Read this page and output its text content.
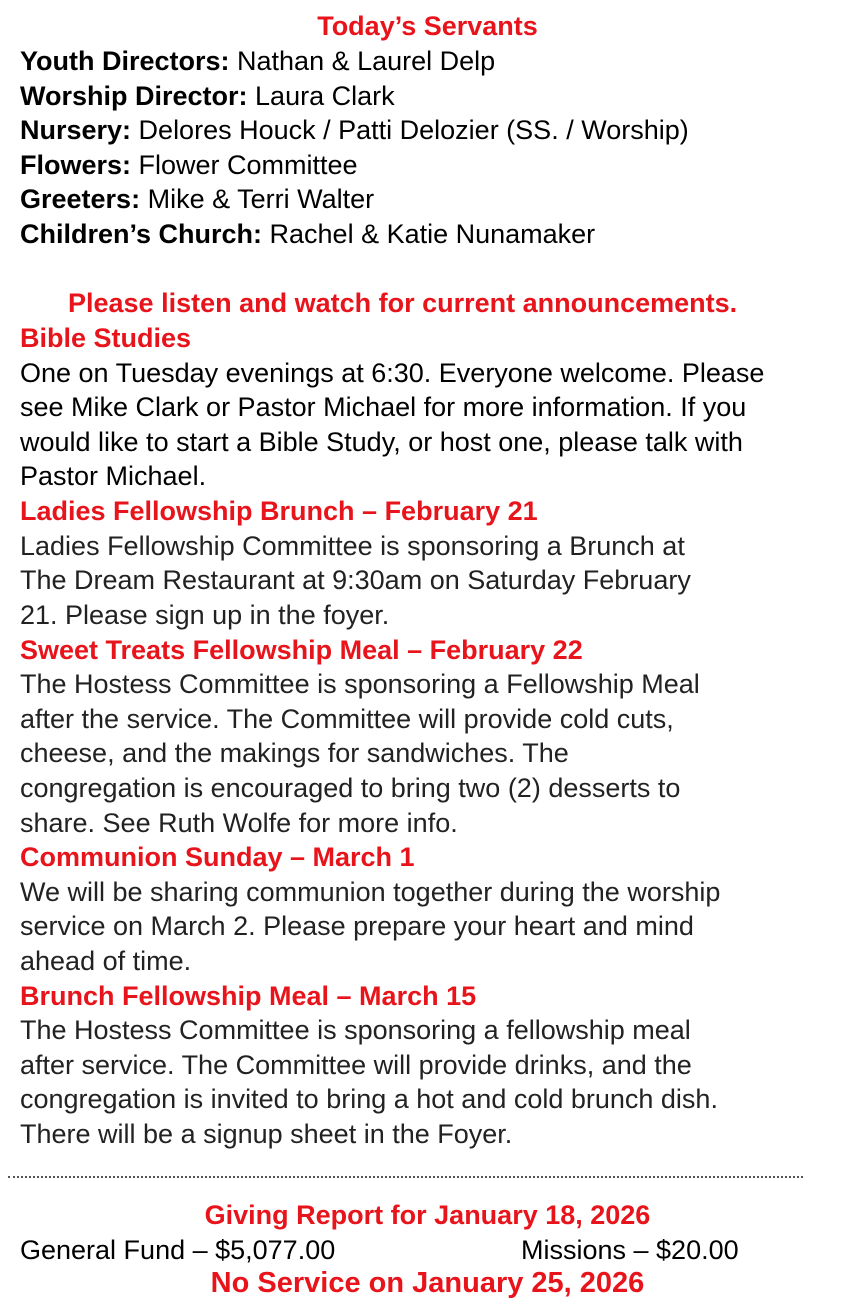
Today’s Servants
Youth Directors: Nathan & Laurel Delp
Worship Director: Laura Clark
Nursery: Delores Houck / Patti Delozier (SS. / Worship)
Flowers: Flower Committee
Greeters: Mike & Terri Walter
Children’s Church: Rachel & Katie Nunamaker
Please listen and watch for current announcements.
Bible Studies
One on Tuesday evenings at 6:30. Everyone welcome. Please
see Mike Clark or Pastor Michael for more information. If you
would like to start a Bible Study, or host one, please talk with
Pastor Michael.
Ladies Fellowship Brunch – February 21
Ladies Fellowship Committee is sponsoring a Brunch at
The Dream Restaurant at 9:30am on Saturday February
21. Please sign up in the foyer.
Sweet Treats Fellowship Meal – February 22
The Hostess Committee is sponsoring a Fellowship Meal
after the service. The Committee will provide cold cuts,
cheese, and the makings for sandwiches. The
congregation is encouraged to bring two (2) desserts to
share. See Ruth Wolfe for more info.
Communion Sunday – March 1
We will be sharing communion together during the worship
service on March 2. Please prepare your heart and mind
ahead of time.
Brunch Fellowship Meal – March 15
The Hostess Committee is sponsoring a fellowship meal
after service. The Committee will provide drinks, and the
congregation is invited to bring a hot and cold brunch dish.
There will be a signup sheet in the Foyer.
Giving Report for January 18, 2026
General Fund – $5,077.00	Missions – $20.00
No Service on January 25, 2026
